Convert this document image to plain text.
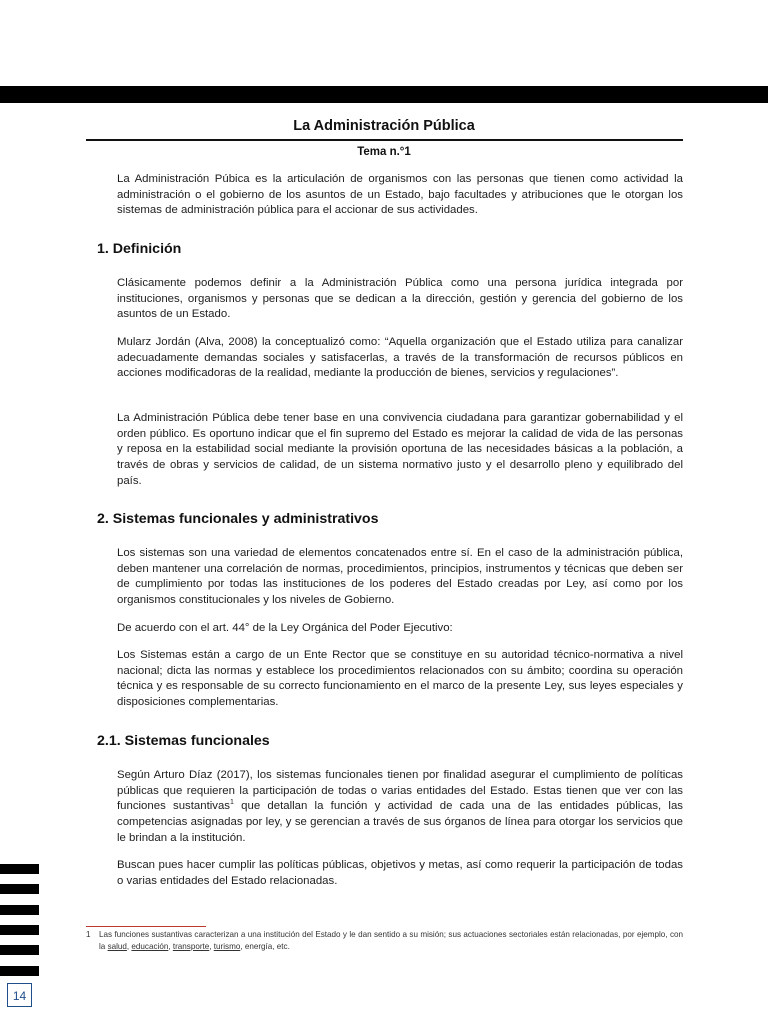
La Administración Pública
Tema n.°1

La Administración Púbica es la articulación de organismos con las personas que tienen como actividad la administración o el gobierno de los asuntos de un Estado, bajo facultades y atribuciones que le otorgan los sistemas de administración pública para el accionar de sus actividades.

1. Definición

Clásicamente podemos definir a la Administración Pública como una persona jurídica integrada por instituciones, organismos y personas que se dedican a la dirección, gestión y gerencia del gobierno de los asuntos de un Estado.

Mularz Jordán (Alva, 2008) la conceptualizó como: “Aquella organización que el Estado utiliza para canalizar adecuadamente demandas sociales y satisfacerlas, a través de la transformación de recursos públicos en acciones modificadoras de la realidad, mediante la producción de bienes, servicios y regulaciones”.

La Administración Pública debe tener base en una convivencia ciudadana para garantizar gobernabilidad y el orden público. Es oportuno indicar que el fin supremo del Estado es mejorar la calidad de vida de las personas y reposa en la estabilidad social mediante la provisión oportuna de las necesidades básicas a la población, a través de obras y servicios de calidad, de un sistema normativo justo y el desarrollo pleno y equilibrado del país.

2. Sistemas funcionales y administrativos

Los sistemas son una variedad de elementos concatenados entre sí. En el caso de la administración pública, deben mantener una correlación de normas, procedimientos, principios, instrumentos y técnicas que deben ser de cumplimiento por todas las instituciones de los poderes del Estado creadas por Ley, así como por los organismos constitucionales y los niveles de Gobierno.

De acuerdo con el art. 44° de la Ley Orgánica del Poder Ejecutivo:

Los Sistemas están a cargo de un Ente Rector que se constituye en su autoridad técnico-normativa a nivel nacional; dicta las normas y establece los procedimientos relacionados con su ámbito; coordina su operación técnica y es responsable de su correcto funcionamiento en el marco de la presente Ley, sus leyes especiales y disposiciones complementarias.

2.1. Sistemas funcionales

Según Arturo Díaz (2017), los sistemas funcionales tienen por finalidad asegurar el cumplimiento de políticas públicas que requieren la participación de todas o varias entidades del Estado. Estas tienen que ver con las funciones sustantivas$^1$ que detallan la función y actividad de cada una de las entidades públicas, las competencias asignadas por ley, y se gerencian a través de sus órganos de línea para otorgar los servicios que le brindan a la institución.

Buscan pues hacer cumplir las políticas públicas, objetivos y metas, así como requerir la participación de todas o varias entidades del Estado relacionadas.

1 Las funciones sustantivas caracterizan a una institución del Estado y le dan sentido a su misión; sus actuaciones sectoriales están relacionadas, por ejemplo, con la salud, educación, transporte, turismo, energía, etc.
14
